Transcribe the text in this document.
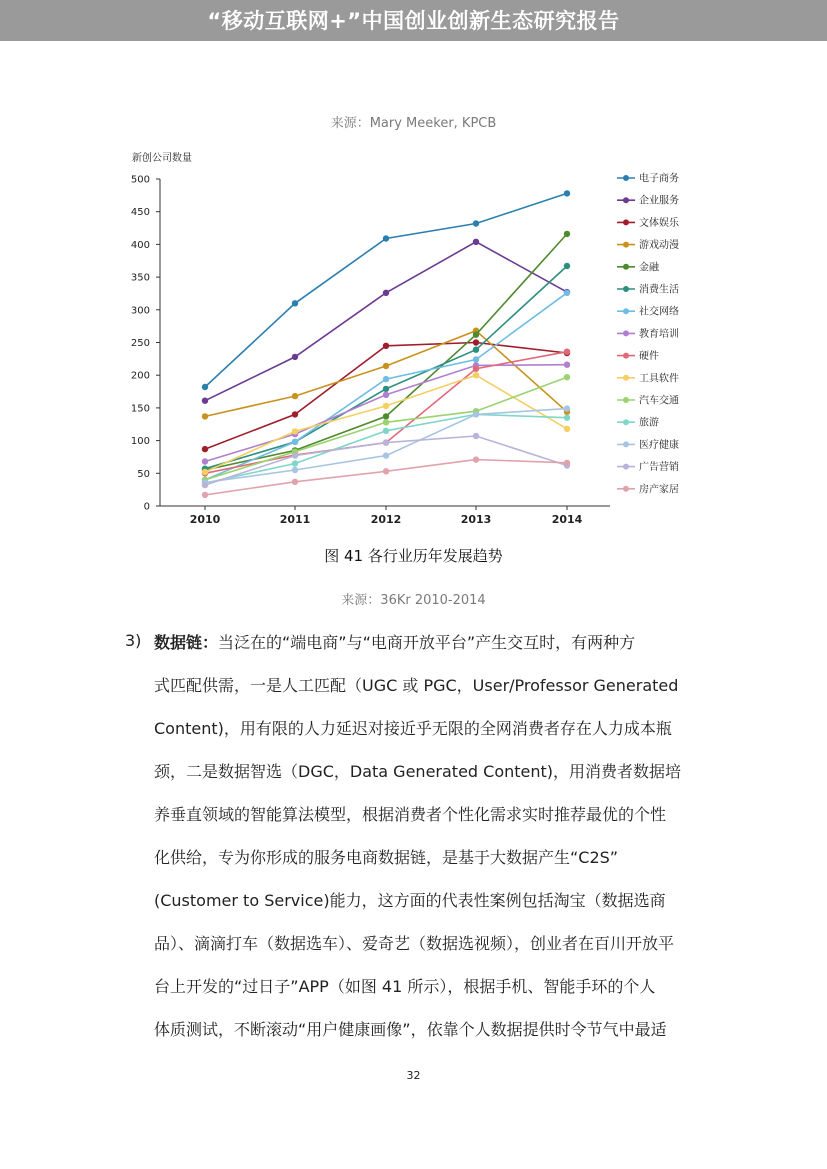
“移动互联网+”中国创业创新生态研究报告
来源：Mary Meeker, KPCB
新创公司数量
0
50
100
150
200
250
300
350
400
450
500
2010	2011	2012	2013	2014
电子商务
企业服务
文体娱乐
游戏动漫
金融
消费生活
社交网络
教育培训
硬件
工具软件
汽车交通
旅游
医疗健康
广告营销
房产家居
图 41 各行业历年发展趋势
来源：36Kr 2010-2014
3) 数据链：当泛在的“端电商”与“电商开放平台”产生交互时，有两种方
式匹配供需，一是人工匹配（UGC 或 PGC，User/Professor Generated
Content)，用有限的人力延迟对接近乎无限的全网消费者存在人力成本瓶
颈，二是数据智选（DGC，Data Generated Content)，用消费者数据培
养垂直领域的智能算法模型，根据消费者个性化需求实时推荐最优的个性
化供给，专为你形成的服务电商数据链，是基于大数据产生“C2S”
(Customer to Service)能力，这方面的代表性案例包括淘宝（数据选商
品）、滴滴打车（数据选车）、爱奇艺（数据选视频），创业者在百川开放平
台上开发的“过日子”APP（如图 41 所示），根据手机、智能手环的个人
体质测试，不断滚动“用户健康画像”，依靠个人数据提供时令节气中最适
32
